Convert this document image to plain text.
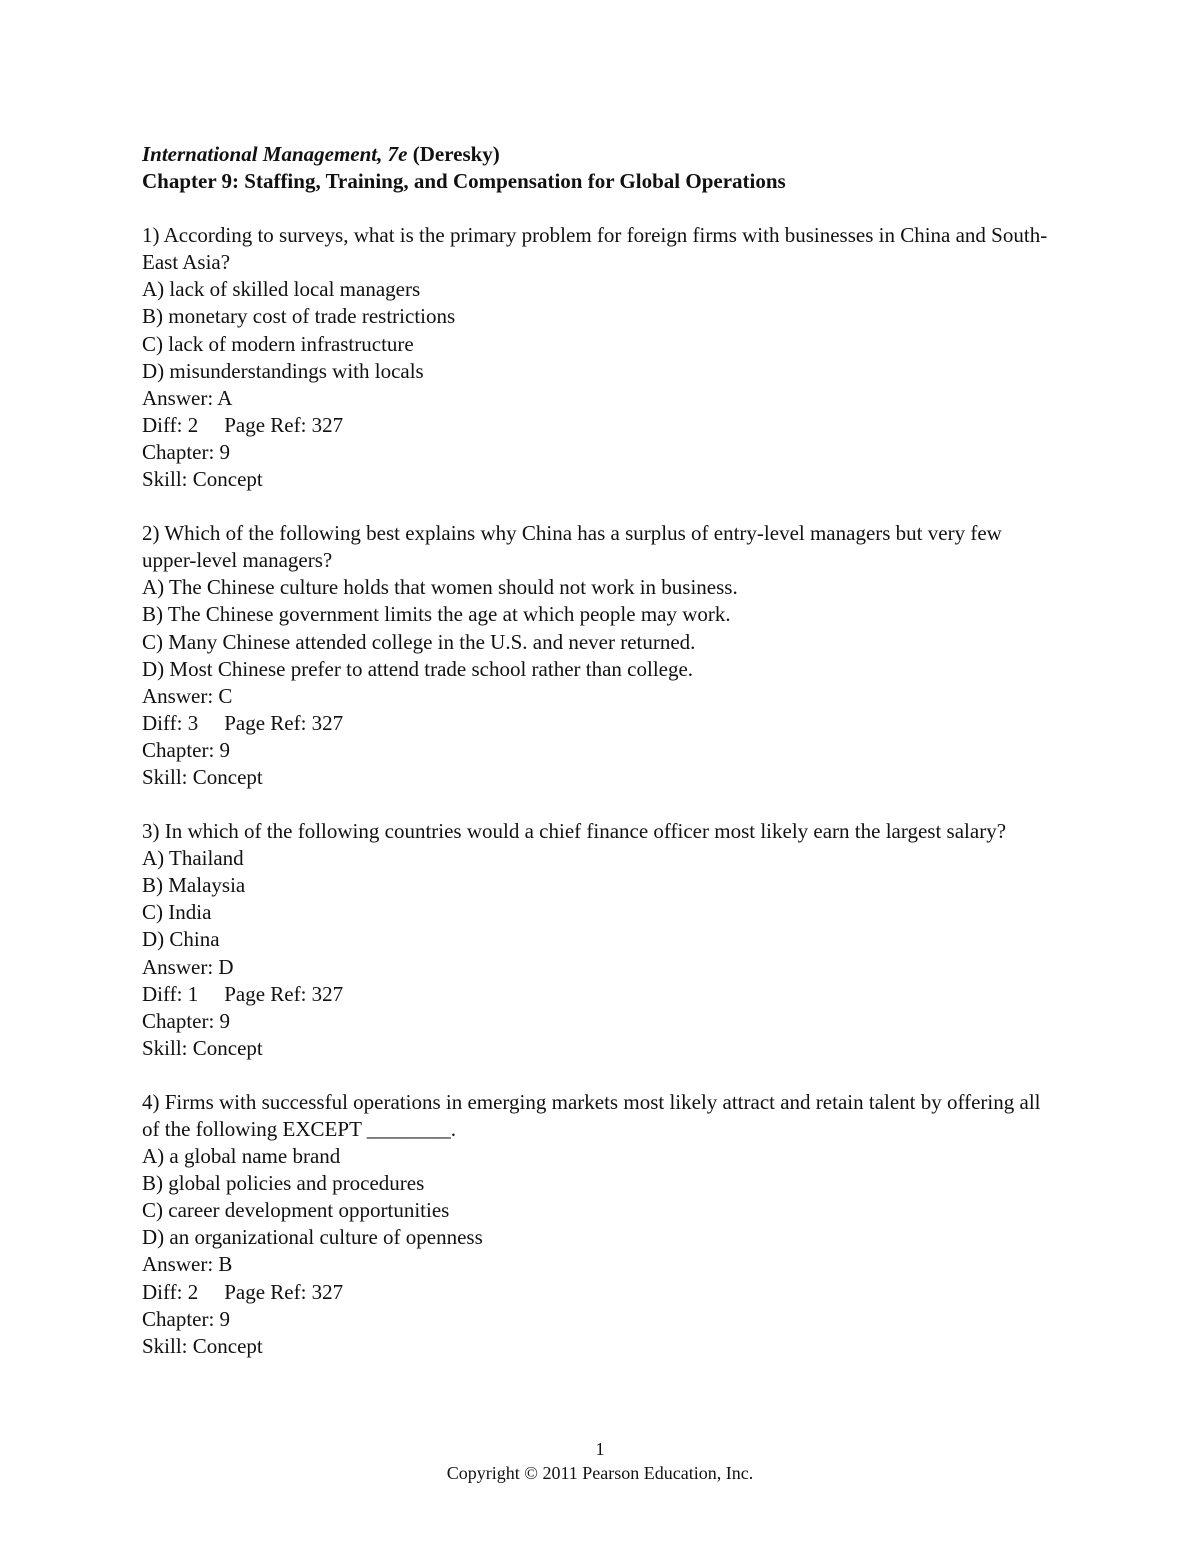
International Management, 7e (Deresky)
Chapter 9: Staffing, Training, and Compensation for Global Operations
1) According to surveys, what is the primary problem for foreign firms with businesses in China and South-East Asia?
A) lack of skilled local managers
B) monetary cost of trade restrictions
C) lack of modern infrastructure
D) misunderstandings with locals
Answer: A
Diff: 2 Page Ref: 327
Chapter: 9
Skill: Concept
2) Which of the following best explains why China has a surplus of entry-level managers but very few upper-level managers?
A) The Chinese culture holds that women should not work in business.
B) The Chinese government limits the age at which people may work.
C) Many Chinese attended college in the U.S. and never returned.
D) Most Chinese prefer to attend trade school rather than college.
Answer: C
Diff: 3 Page Ref: 327
Chapter: 9
Skill: Concept
3) In which of the following countries would a chief finance officer most likely earn the largest salary?
A) Thailand
B) Malaysia
C) India
D) China
Answer: D
Diff: 1 Page Ref: 327
Chapter: 9
Skill: Concept
4) Firms with successful operations in emerging markets most likely attract and retain talent by offering all of the following EXCEPT ________.
A) a global name brand
B) global policies and procedures
C) career development opportunities
D) an organizational culture of openness
Answer: B
Diff: 2 Page Ref: 327
Chapter: 9
Skill: Concept
1
Copyright © 2011 Pearson Education, Inc.
